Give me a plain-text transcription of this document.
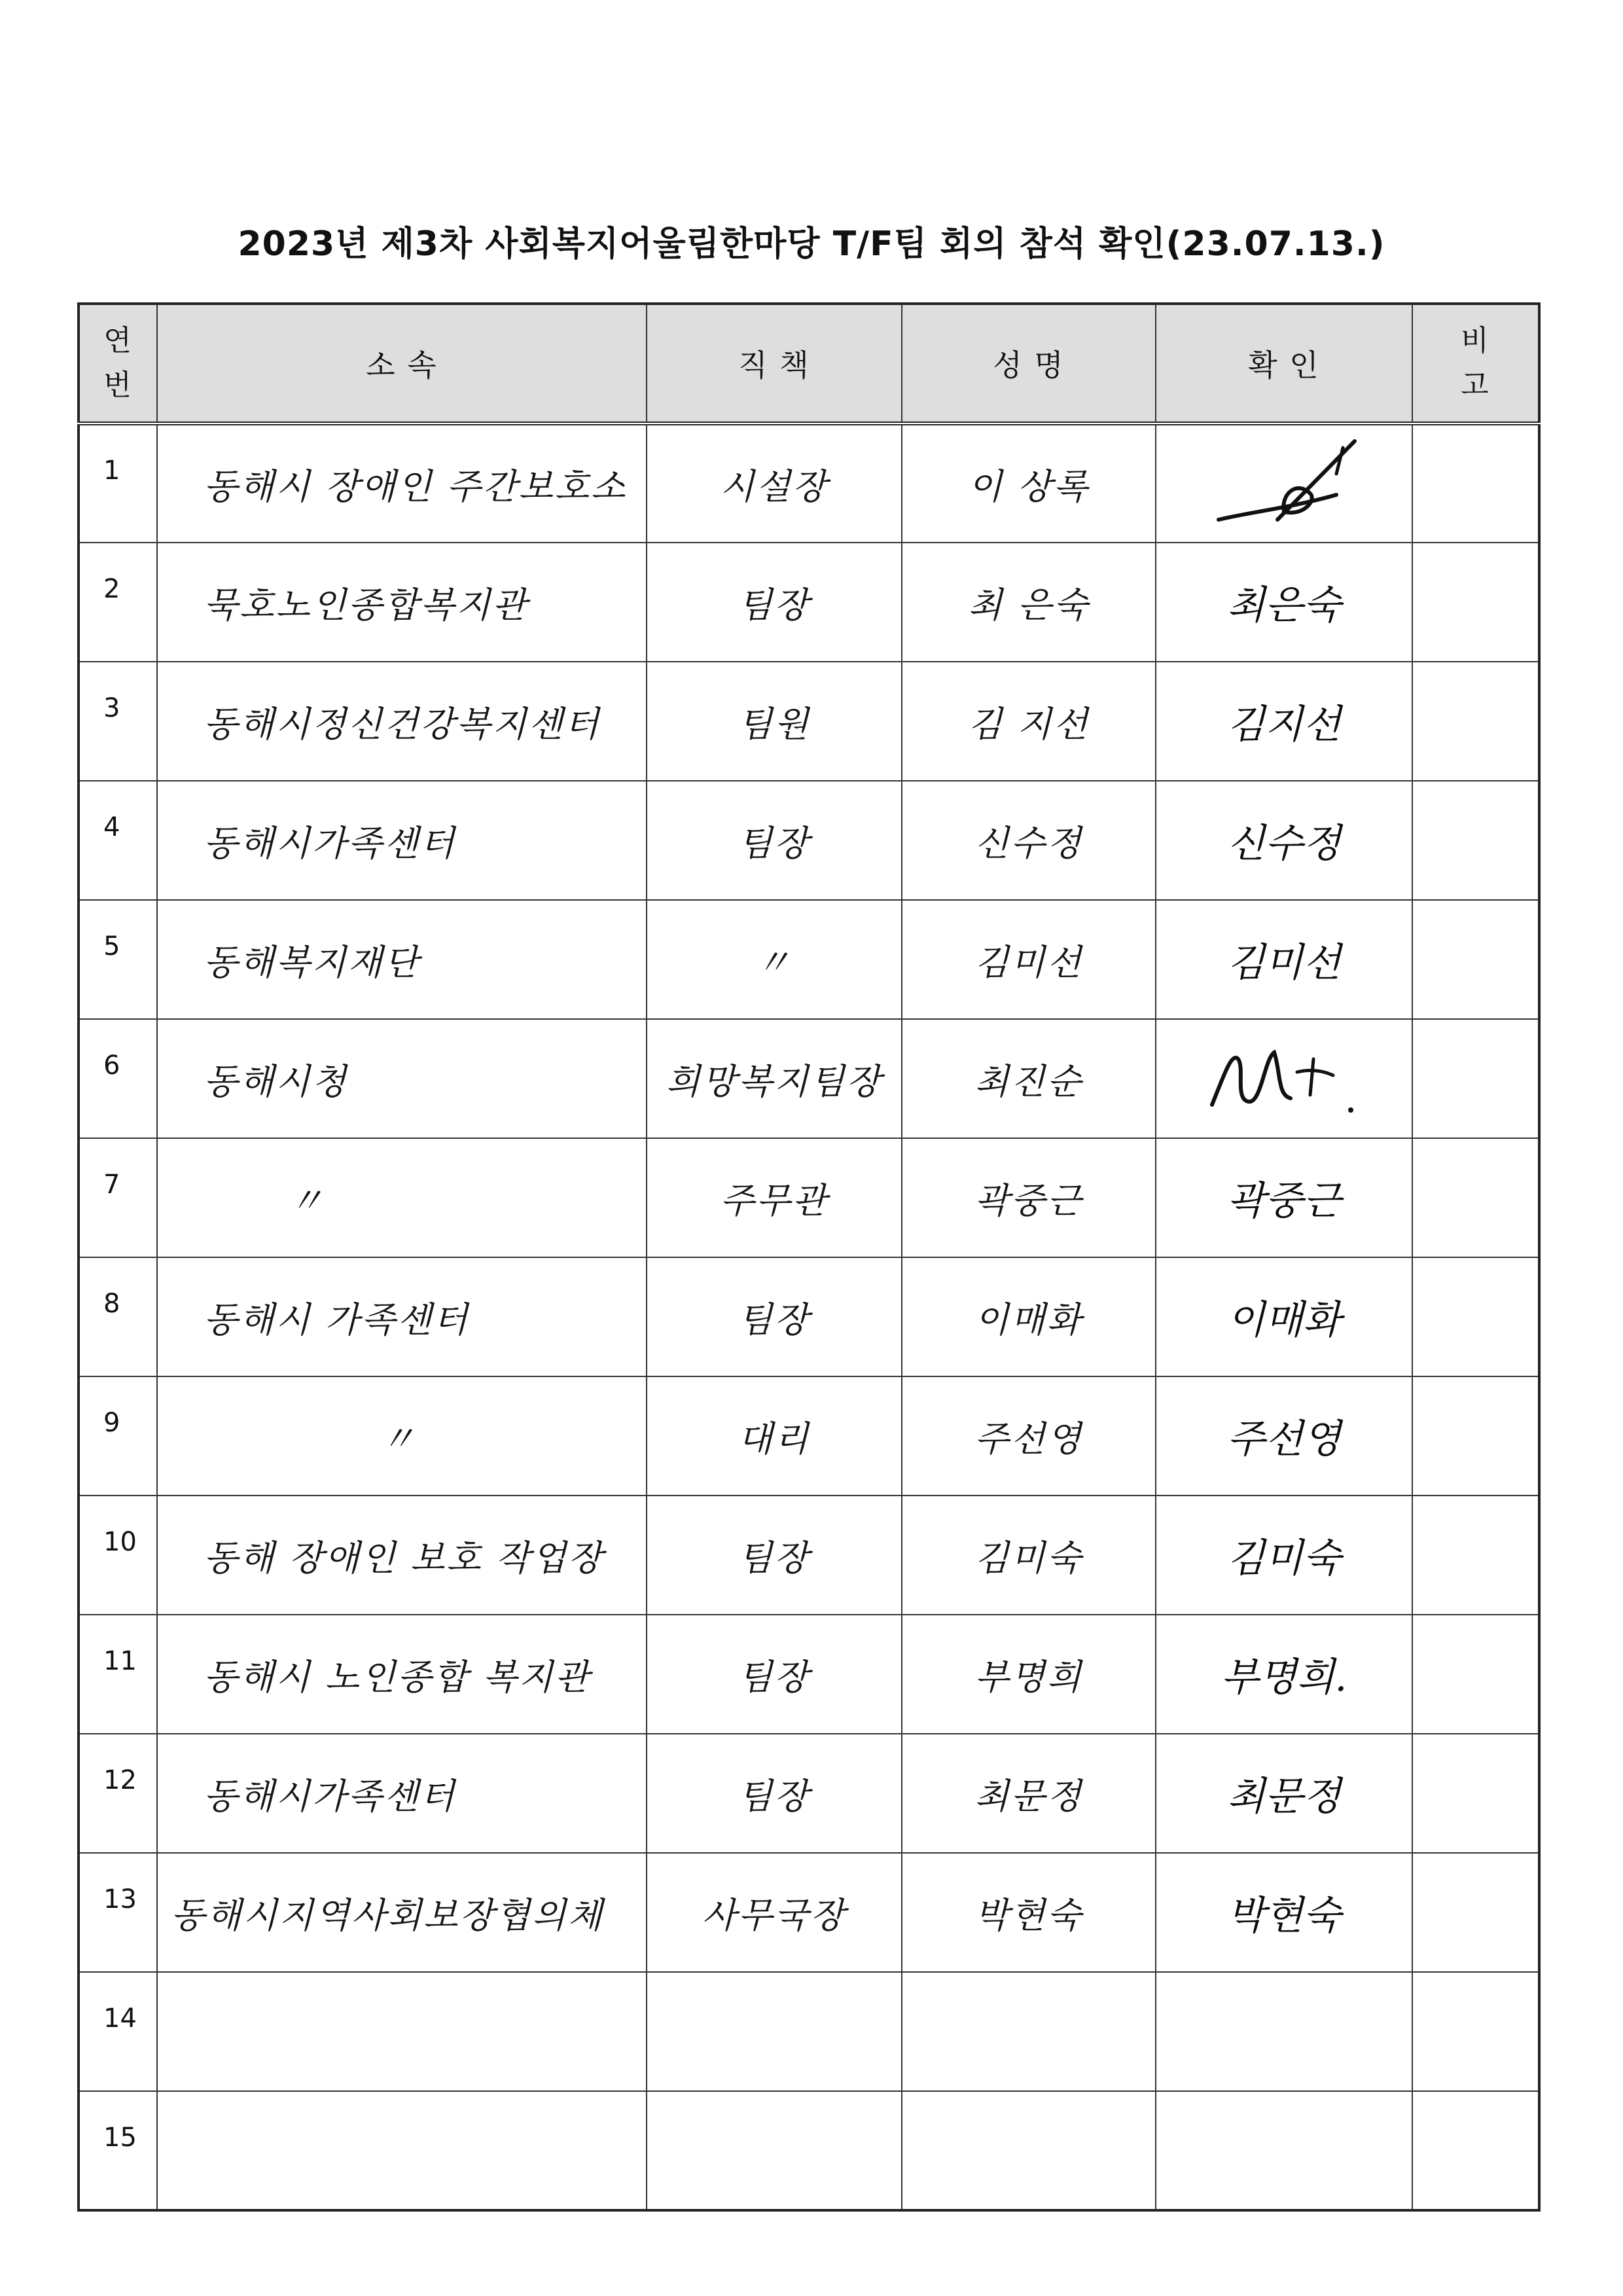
2023년 제3차 사회복지어울림한마당 T/F팀 회의 참석 확인(23.07.13.)
연
번	소 속	직 책	성 명	확 인	비
고

1	동해시 장애인 주간보호소	시설장	이 상록	

2	묵호노인종합복지관	팀장	최 은숙	최은숙	
3	동해시정신건강복지센터	팀원	김 지선	김지선	
4	동해시가족센터	팀장	신수정	신수정	
5	동해복지재단	〃	김미선	김미선	
6	동해시청	희망복지팀장	최진순	

7	〃	주무관	곽중근	곽중근	
8	동해시 가족센터	팀장	이매화	이매화	
9	〃	대리	주선영	주선영	
10	동해 장애인 보호 작업장	팀장	김미숙	김미숙	
11	동해시 노인종합 복지관	팀장	부명희	부명희.	
12	동해시가족센터	팀장	최문정	최문정	
13	동해시지역사회보장협의체	사무국장	박현숙	박현숙	
14					
15					
